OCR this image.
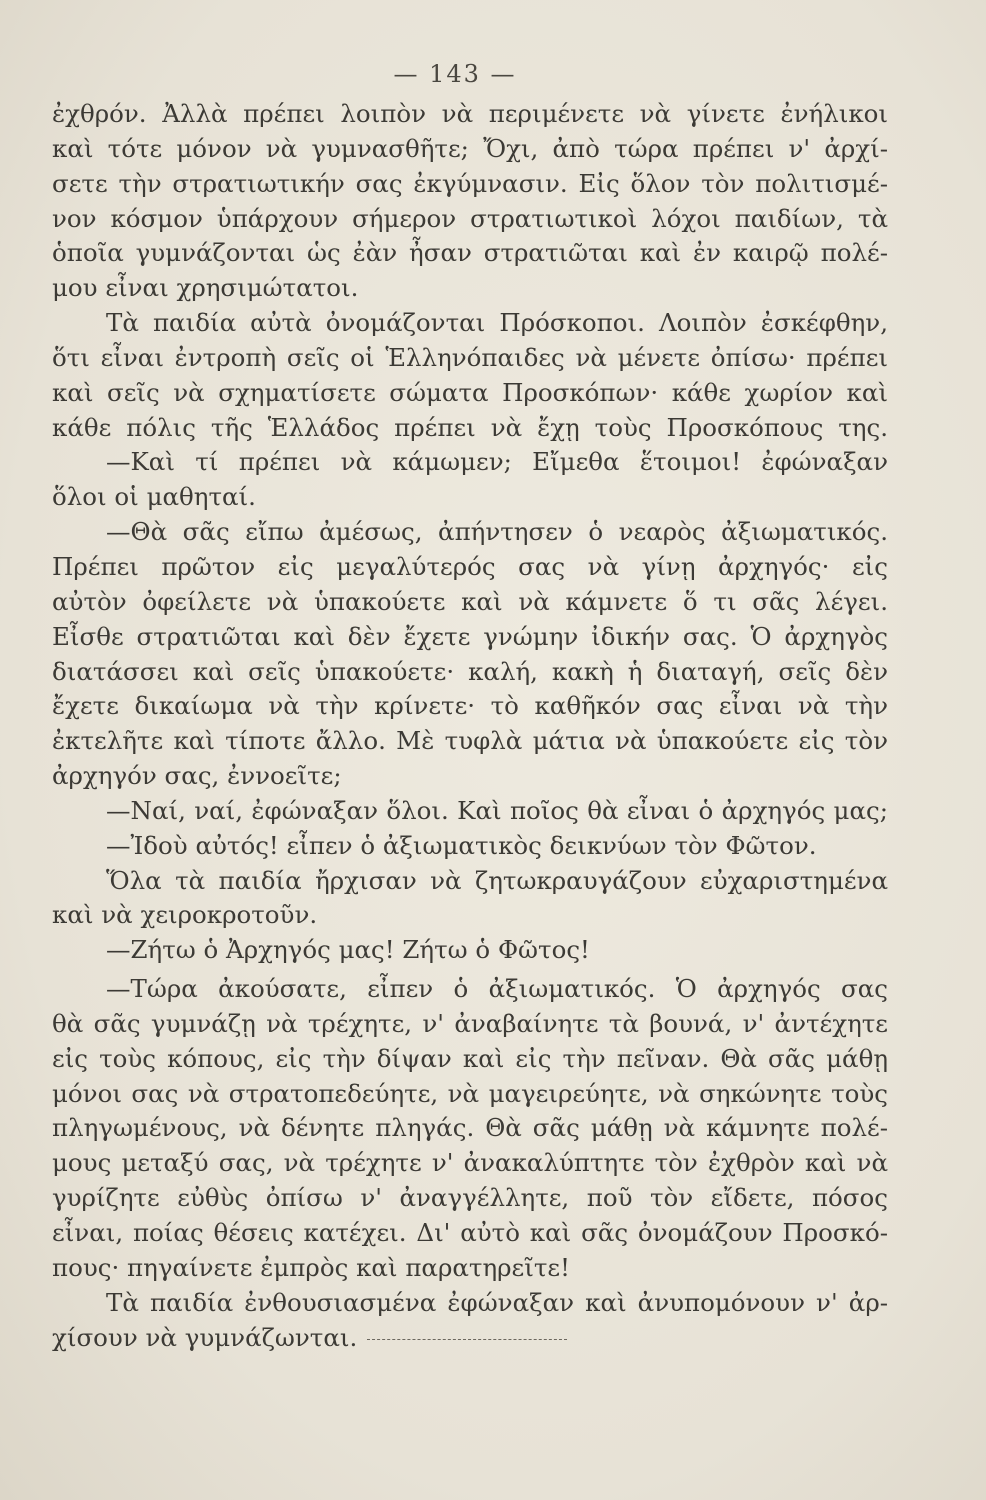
— 143 —
ἐχθρόν. Ἀλλὰ πρέπει λοιπὸν νὰ περιμένετε νὰ γίνετε ἐνήλικοι
καὶ τότε μόνον νὰ γυμνασθῆτε; Ὄχι, ἀπὸ τώρα πρέπει ν' ἀρχί-
σετε τὴν στρατιωτικήν σας ἐκγύμνασιν. Εἰς ὅλον τὸν πολιτισμέ-
νον κόσμον ὑπάρχουν σήμερον στρατιωτικοὶ λόχοι παιδίων, τὰ
ὁποῖα γυμνάζονται ὡς ἐὰν ἦσαν στρατιῶται καὶ ἐν καιρῷ πολέ-
μου εἶναι χρησιμώτατοι.
Τὰ παιδία αὐτὰ ὀνομάζονται Πρόσκοποι. Λοιπὸν ἐσκέφθην,
ὅτι εἶναι ἐντροπὴ σεῖς οἱ Ἑλληνόπαιδες νὰ μένετε ὀπίσω· πρέπει
καὶ σεῖς νὰ σχηματίσετε σώματα Προσκόπων· κάθε χωρίον καὶ
κάθε πόλις τῆς Ἑλλάδος πρέπει νὰ ἔχῃ τοὺς Προσκόπους της.
—Καὶ τί πρέπει νὰ κάμωμεν; Εἴμεθα ἕτοιμοι! ἐφώναξαν
ὅλοι οἱ μαθηταί.
—Θὰ σᾶς εἴπω ἀμέσως, ἀπήντησεν ὁ νεαρὸς ἀξιωματικός.
Πρέπει πρῶτον εἰς μεγαλύτερός σας νὰ γίνῃ ἀρχηγός· εἰς
αὐτὸν ὀφείλετε νὰ ὑπακούετε καὶ νὰ κάμνετε ὅ τι σᾶς λέγει.
Εἶσθε στρατιῶται καὶ δὲν ἔχετε γνώμην ἰδικήν σας. Ὁ ἀρχηγὸς
διατάσσει καὶ σεῖς ὑπακούετε· καλή, κακὴ ἡ διαταγή, σεῖς δὲν
ἔχετε δικαίωμα νὰ τὴν κρίνετε· τὸ καθῆκόν σας εἶναι νὰ τὴν
ἐκτελῆτε καὶ τίποτε ἄλλο. Μὲ τυφλὰ μάτια νὰ ὑπακούετε εἰς τὸν
ἀρχηγόν σας, ἐννοεῖτε;
—Ναί, ναί, ἐφώναξαν ὅλοι. Καὶ ποῖος θὰ εἶναι ὁ ἀρχηγός μας;
—Ἰδοὺ αὐτός! εἶπεν ὁ ἀξιωματικὸς δεικνύων τὸν Φῶτον.
Ὅλα τὰ παιδία ἤρχισαν νὰ ζητωκραυγάζουν εὐχαριστημένα
καὶ νὰ χειροκροτοῦν.
—Ζήτω ὁ Ἀρχηγός μας! Ζήτω ὁ Φῶτος!
—Τώρα ἀκούσατε, εἶπεν ὁ ἀξιωματικός. Ὁ ἀρχηγός σας
θὰ σᾶς γυμνάζῃ νὰ τρέχητε, ν' ἀναβαίνητε τὰ βουνά, ν' ἀντέχητε
εἰς τοὺς κόπους, εἰς τὴν δίψαν καὶ εἰς τὴν πεῖναν. Θὰ σᾶς μάθῃ
μόνοι σας νὰ στρατοπεδεύητε, νὰ μαγειρεύητε, νὰ σηκώνητε τοὺς
πληγωμένους, νὰ δένητε πληγάς. Θὰ σᾶς μάθῃ νὰ κάμνητε πολέ-
μους μεταξύ σας, νὰ τρέχητε ν' ἀνακαλύπτητε τὸν ἐχθρὸν καὶ νὰ
γυρίζητε εὐθὺς ὀπίσω ν' ἀναγγέλλητε, ποῦ τὸν εἴδετε, πόσος
εἶναι, ποίας θέσεις κατέχει. Δι' αὐτὸ καὶ σᾶς ὀνομάζουν Προσκό-
πους· πηγαίνετε ἐμπρὸς καὶ παρατηρεῖτε!
Τὰ παιδία ἐνθουσιασμένα ἐφώναξαν καὶ ἀνυπομόνουν ν' ἀρ-
χίσουν νὰ γυμνάζωνται.
